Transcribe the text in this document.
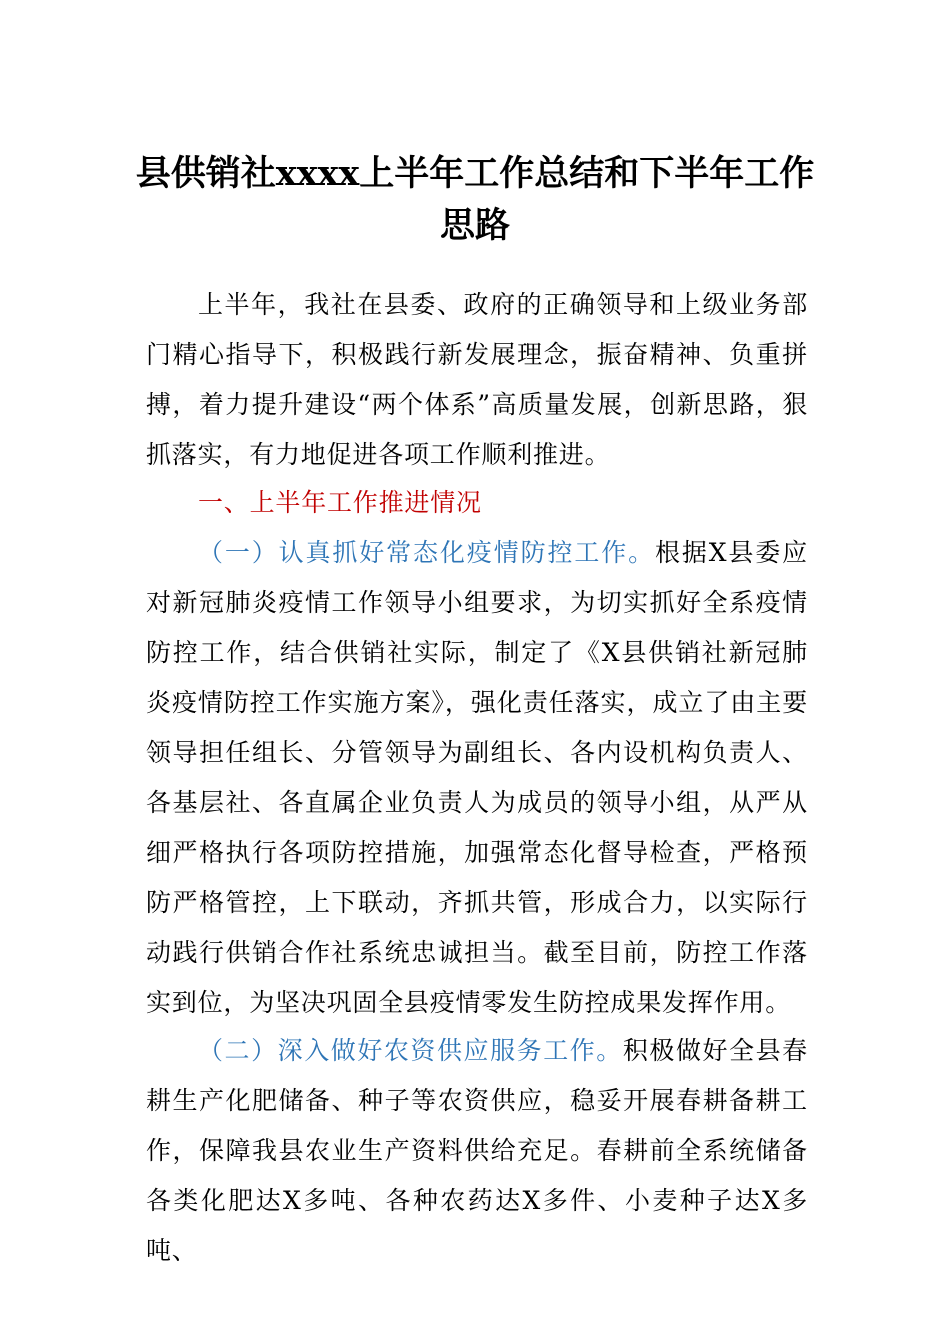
县供销社xxxx上半年工作总结和下半年工作思路

上半年，我社在县委、政府的正确领导和上级业务部门精心指导下，积极践行新发展理念，振奋精神、负重拼搏，着力提升建设“两个体系”高质量发展，创新思路，狠抓落实，有力地促进各项工作顺利推进。

一、上半年工作推进情况

（一）认真抓好常态化疫情防控工作。根据X县委应对新冠肺炎疫情工作领导小组要求，为切实抓好全系疫情防控工作，结合供销社实际，制定了《X县供销社新冠肺炎疫情防控工作实施方案》，强化责任落实，成立了由主要领导担任组长、分管领导为副组长、各内设机构负责人、各基层社、各直属企业负责人为成员的领导小组，从严从细严格执行各项防控措施，加强常态化督导检查，严格预防严格管控，上下联动，齐抓共管，形成合力，以实际行动践行供销合作社系统忠诚担当。截至目前，防控工作落实到位，为坚决巩固全县疫情零发生防控成果发挥作用。

（二）深入做好农资供应服务工作。积极做好全县春耕生产化肥储备、种子等农资供应，稳妥开展春耕备耕工作，保障我县农业生产资料供给充足。春耕前全系统储备各类化肥达X多吨、各种农药达X多件、小麦种子达X多吨、
